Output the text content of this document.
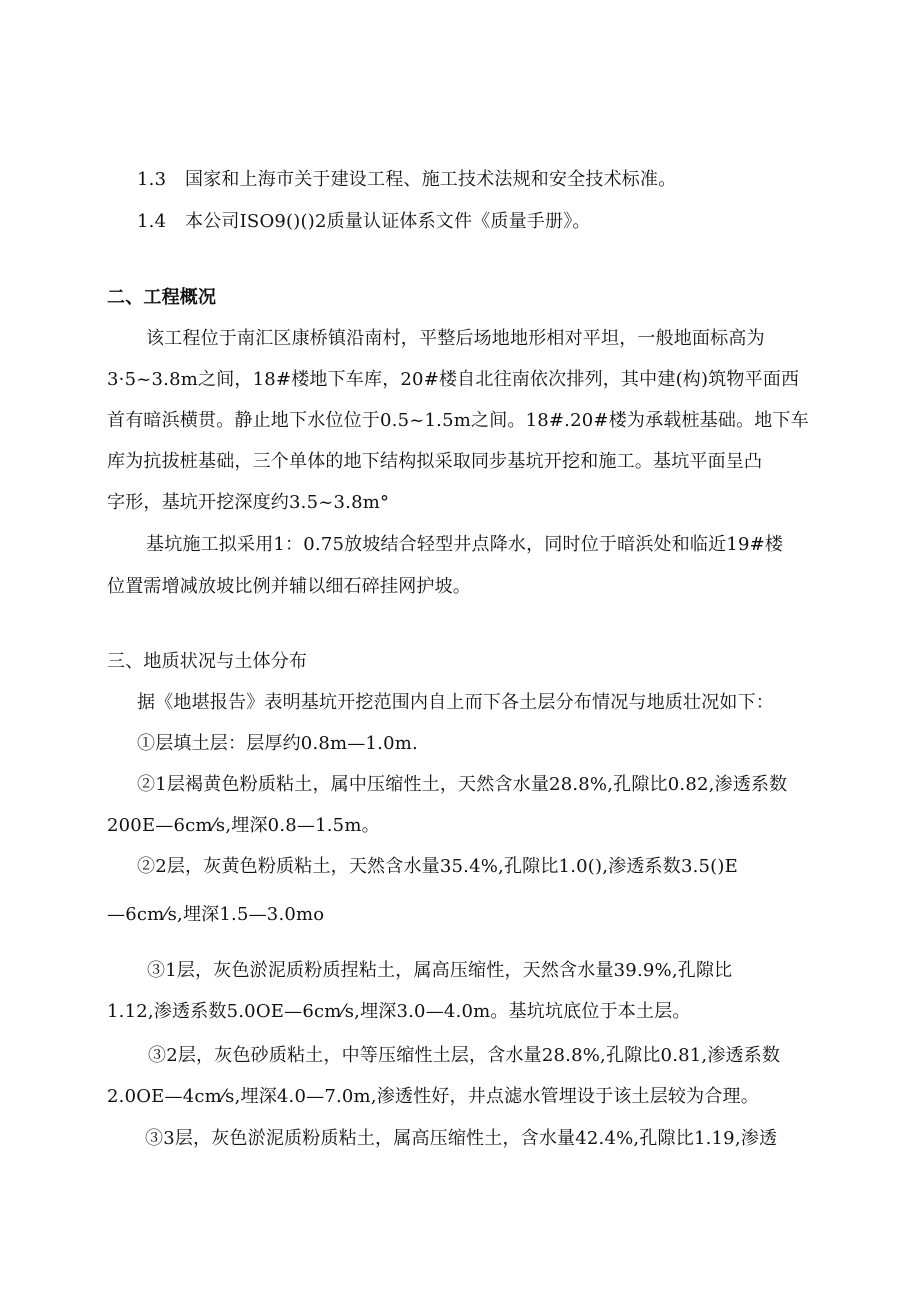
1.3 国家和上海市关于建设工程、施工技术法规和安全技术标准。
1.4 本公司ISO9()()2质量认证体系文件《质量手册》。
二、工程概况
该工程位于南汇区康桥镇沿南村，平整后场地地形相对平坦，一般地面标高为
3·5~3.8m之间，18#楼地下车库，20#楼自北往南依次排列，其中建(构)筑物平面西
首有暗浜横贯。静止地下水位位于0.5~1.5m之间。18#.20#楼为承载桩基础。地下车
库为抗拔桩基础，三个单体的地下结构拟采取同步基坑开挖和施工。基坑平面呈凸
字形，基坑开挖深度约3.5~3.8m°
基坑施工拟采用1：0.75放坡结合轻型井点降水，同时位于暗浜处和临近19#楼
位置需增减放坡比例并辅以细石碎挂网护坡。
三、地质状况与土体分布
据《地堪报告》表明基坑开挖范围内自上而下各土层分布情况与地质壮况如下：
①层填土层：层厚约0.8m—1.0m.
②1层褐黄色粉质粘土，属中压缩性土，天然含水量28.8%,孔隙比0.82,渗透系数
200E—6cm⁄s,埋深0.8—1.5m。
②2层，灰黄色粉质粘土，天然含水量35.4%,孔隙比1.0(),渗透系数3.5()E
—6cm⁄s,埋深1.5—3.0mo
③1层，灰色淤泥质粉质捏粘土，属高压缩性，天然含水量39.9%,孔隙比
1.12,渗透系数5.0OE—6cm⁄s,埋深3.0—4.0m。基坑坑底位于本土层。
③2层，灰色砂质粘土，中等压缩性土层，含水量28.8%,孔隙比0.81,渗透系数
2.0OE—4cm⁄s,埋深4.0—7.0m,渗透性好，井点滤水管埋设于该土层较为合理。
③3层，灰色淤泥质粉质粘土，属高压缩性土，含水量42.4%,孔隙比1.19,渗透
